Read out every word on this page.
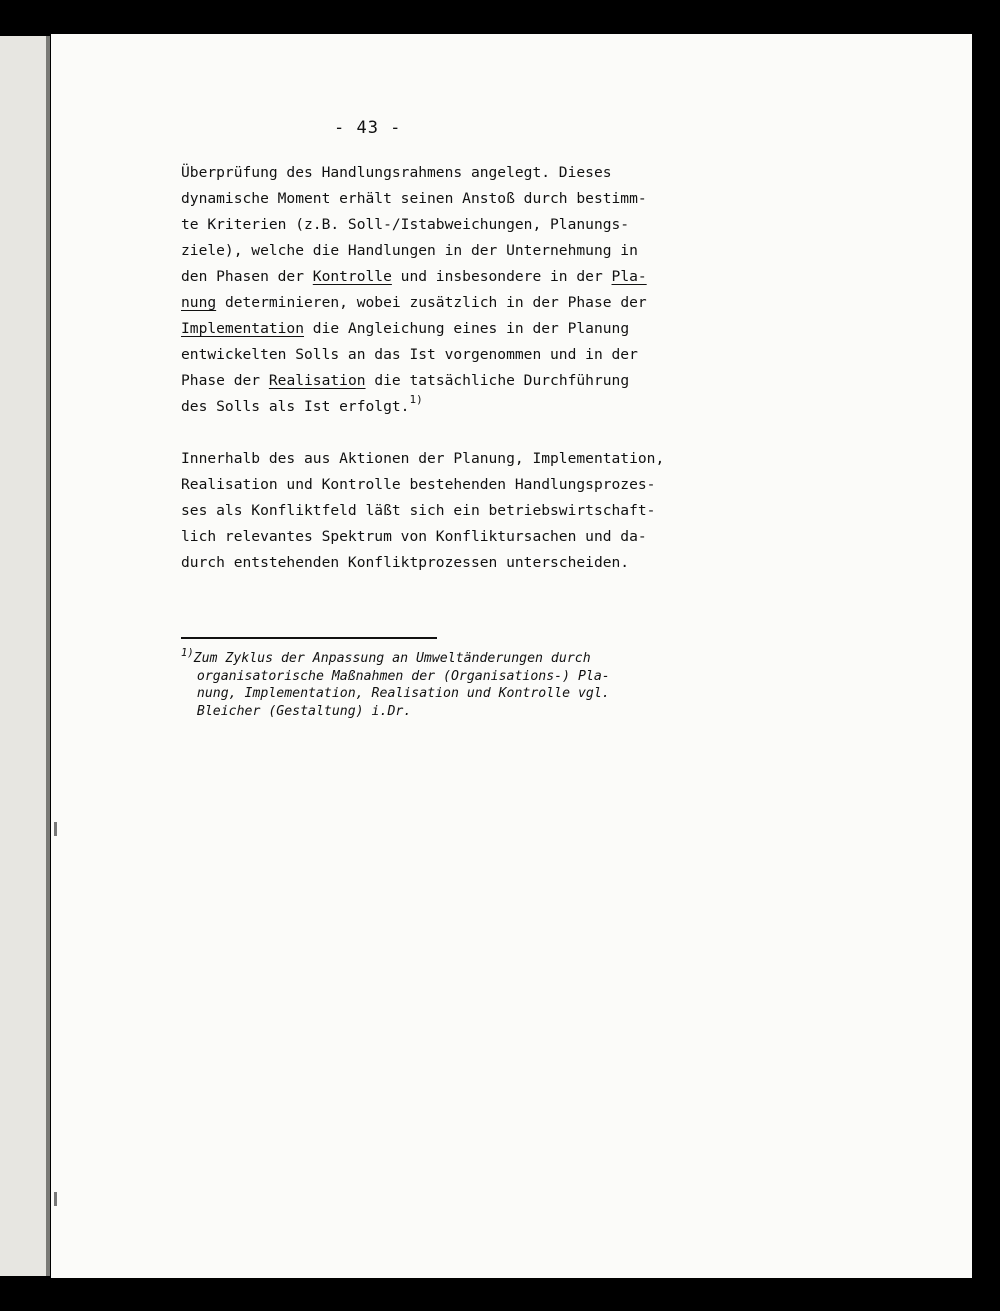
- 43 -
Überprüfung des Handlungsrahmens angelegt. Dieses
dynamische Moment erhält seinen Anstoß durch bestimm-
te Kriterien (z.B. Soll-/Istabweichungen, Planungs-
ziele), welche die Handlungen in der Unternehmung in
den Phasen der Kontrolle und insbesondere in der Pla-
nung determinieren, wobei zusätzlich in der Phase der
Implementation die Angleichung eines in der Planung
entwickelten Solls an das Ist vorgenommen und in der
Phase der Realisation die tatsächliche Durchführung
des Solls als Ist erfolgt.$^{1)}$
Innerhalb des aus Aktionen der Planung, Implementation,
Realisation und Kontrolle bestehenden Handlungsprozes-
ses als Konfliktfeld läßt sich ein betriebswirtschaft-
lich relevantes Spektrum von Konfliktursachen und da-
durch entstehenden Konfliktprozessen unterscheiden.
$^{1)}$Zum Zyklus der Anpassung an Umweltänderungen durch
organisatorische Maßnahmen der (Organisations-) Pla-
nung, Implementation, Realisation und Kontrolle vgl.
Bleicher (Gestaltung) i.Dr.
